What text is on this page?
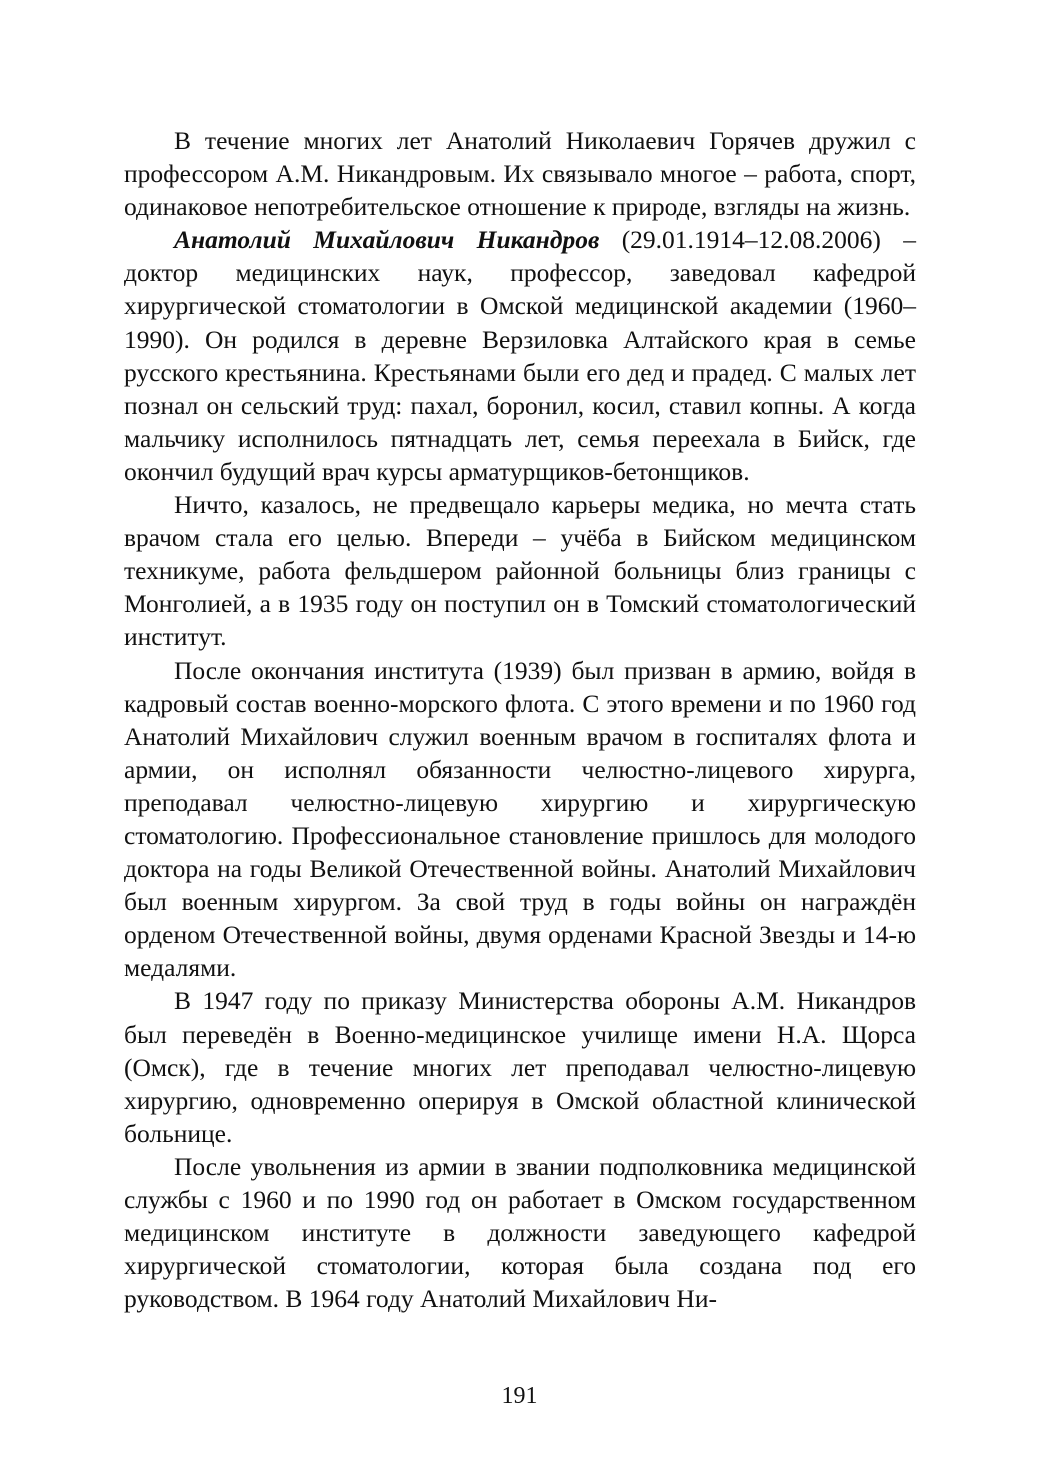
В течение многих лет Анатолий Николаевич Горячев дружил с профессором А.М. Никандровым. Их связывало многое – работа, спорт, одинаковое непотребительское отношение к природе, взгляды на жизнь.

Анатолий Михайлович Никандров (29.01.1914–12.08.2006) – доктор медицинских наук, профессор, заведовал кафедрой хирургической стоматологии в Омской медицинской академии (1960–1990). Он родился в деревне Верзиловка Алтайского края в семье русского крестьянина. Крестьянами были его дед и прадед. С малых лет познал он сельский труд: пахал, боронил, косил, ставил копны. А когда мальчику исполнилось пятнадцать лет, семья переехала в Бийск, где окончил будущий врач курсы арматурщиков-бетонщиков.

Ничто, казалось, не предвещало карьеры медика, но мечта стать врачом стала его целью. Впереди – учёба в Бийском медицинском техникуме, работа фельдшером районной больницы близ границы с Монголией, а в 1935 году он поступил он в Томский стоматологический институт.

После окончания института (1939) был призван в армию, войдя в кадровый состав военно-морского флота. С этого времени и по 1960 год Анатолий Михайлович служил военным врачом в госпиталях флота и армии, он исполнял обязанности челюстно-лицевого хирурга, преподавал челюстно-лицевую хирургию и хирургическую стоматологию. Профессиональное становление пришлось для молодого доктора на годы Великой Отечественной войны. Анатолий Михайлович был военным хирургом. За свой труд в годы войны он награждён орденом Отечественной войны, двумя орденами Красной Звезды и 14-ю медалями.

В 1947 году по приказу Министерства обороны А.М. Никандров был переведён в Военно-медицинское училище имени Н.А. Щорса (Омск), где в течение многих лет преподавал челюстно-лицевую хирургию, одновременно оперируя в Омской областной клинической больнице.

После увольнения из армии в звании подполковника медицинской службы с 1960 и по 1990 год он работает в Омском государственном медицинском институте в должности заведующего кафедрой хирургической стоматологии, которая была создана под его руководством. В 1964 году Анатолий Михайлович Ни-

191
